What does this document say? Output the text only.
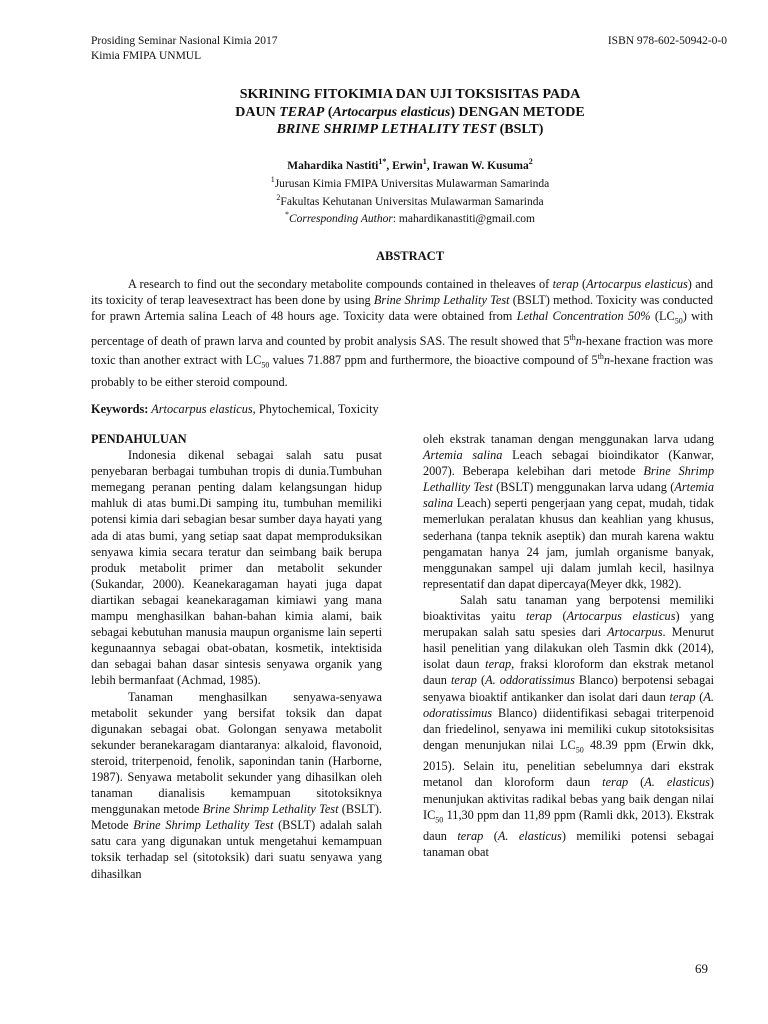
Prosiding Seminar Nasional Kimia 2017
Kimia FMIPA UNMUL
ISBN 978-602-50942-0-0
SKRINING FITOKIMIA DAN UJI TOKSISITAS PADA
DAUN TERAP (Artocarpus elasticus) DENGAN METODE
BRINE SHRIMP LETHALITY TEST (BSLT)
Mahardika Nastiti$^{1*}$, Erwin$^1$, Irawan W. Kusuma$^2$
$^1$Jurusan Kimia FMIPA Universitas Mulawarman Samarinda
$^2$Fakultas Kehutanan Universitas Mulawarman Samarinda
*Corresponding Author: mahardikanastiti@gmail.com
ABSTRACT
A research to find out the secondary metabolite compounds contained in theleaves of terap (Artocarpus elasticus) and its toxicity of terap leavesextract has been done by using Brine Shrimp Lethality Test (BSLT) method. Toxicity was conducted for prawn Artemia salina Leach of 48 hours age. Toxicity data were obtained from Lethal Concentration 50% $(LC_{50})$ with percentage of death of prawn larva and counted by probit analysis SAS. The result showed that 5thn-hexane fraction was more toxic than another extract with $LC_{50}$ values 71.887 ppm and furthermore, the bioactive compound of 5thn-hexane fraction was probably to be either steroid compound.
Keywords: Artocarpus elasticus, Phytochemical, Toxicity

PENDAHULUAN

Indonesia dikenal sebagai salah satu pusat penyebaran berbagai tumbuhan tropis di dunia.Tumbuhan memegang peranan penting dalam kelangsungan hidup mahluk di atas bumi.Di samping itu, tumbuhan memiliki potensi kimia dari sebagian besar sumber daya hayati yang ada di atas bumi, yang setiap saat dapat memproduksikan senyawa kimia secara teratur dan seimbang baik berupa produk metabolit primer dan metabolit sekunder (Sukandar, 2000). Keanekaragaman hayati juga dapat diartikan sebagai keanekaragaman kimiawi yang mana mampu menghasilkan bahan-bahan kimia alami, baik sebagai kebutuhan manusia maupun organisme lain seperti kegunaannya sebagai obat-obatan, kosmetik, intektisida dan sebagai bahan dasar sintesis senyawa organik yang lebih bermanfaat (Achmad, 1985).

Tanaman menghasilkan senyawa-senyawa metabolit sekunder yang bersifat toksik dan dapat digunakan sebagai obat. Golongan senyawa metabolit sekunder beranekaragam diantaranya: alkaloid, flavonoid, steroid, triterpenoid, fenolik, saponindan tanin (Harborne, 1987). Senyawa metabolit sekunder yang dihasilkan oleh tanaman dianalisis kemampuan sitotoksiknya menggunakan metode Brine Shrimp Lethality Test (BSLT). Metode Brine Shrimp Lethality Test (BSLT) adalah salah satu cara yang digunakan untuk mengetahui kemampuan toksik terhadap sel (sitotoksik) dari suatu senyawa yang dihasilkan

oleh ekstrak tanaman dengan menggunakan larva udang Artemia salina Leach sebagai bioindikator (Kanwar, 2007). Beberapa kelebihan dari metode Brine Shrimp Lethallity Test (BSLT) menggunakan larva udang (Artemia salina Leach) seperti pengerjaan yang cepat, mudah, tidak memerlukan peralatan khusus dan keahlian yang khusus, sederhana (tanpa teknik aseptik) dan murah karena waktu pengamatan hanya 24 jam, jumlah organisme banyak, menggunakan sampel uji dalam jumlah kecil, hasilnya representatif dan dapat dipercaya(Meyer dkk, 1982).

Salah satu tanaman yang berpotensi memiliki bioaktivitas yaitu terap (Artocarpus elasticus) yang merupakan salah satu spesies dari Artocarpus. Menurut hasil penelitian yang dilakukan oleh Tasmin dkk (2014), isolat daun terap, fraksi kloroform dan ekstrak metanol daun terap (A. oddoratissimus Blanco) berpotensi sebagai senyawa bioaktif antikanker dan isolat dari daun terap (A. odoratissimus Blanco) diidentifikasi sebagai triterpenoid dan friedelinol, senyawa ini memiliki cukup sitotoksisitas dengan menunjukan nilai $LC_{50}$ 48.39 ppm (Erwin dkk, 2015). Selain itu, penelitian sebelumnya dari ekstrak metanol dan kloroform daun terap (A. elasticus) menunjukan aktivitas radikal bebas yang baik dengan nilai $IC_{50}$ 11,30 ppm dan 11,89 ppm (Ramli dkk, 2013). Ekstrak daun terap (A. elasticus) memiliki potensi sebagai tanaman obat

69
